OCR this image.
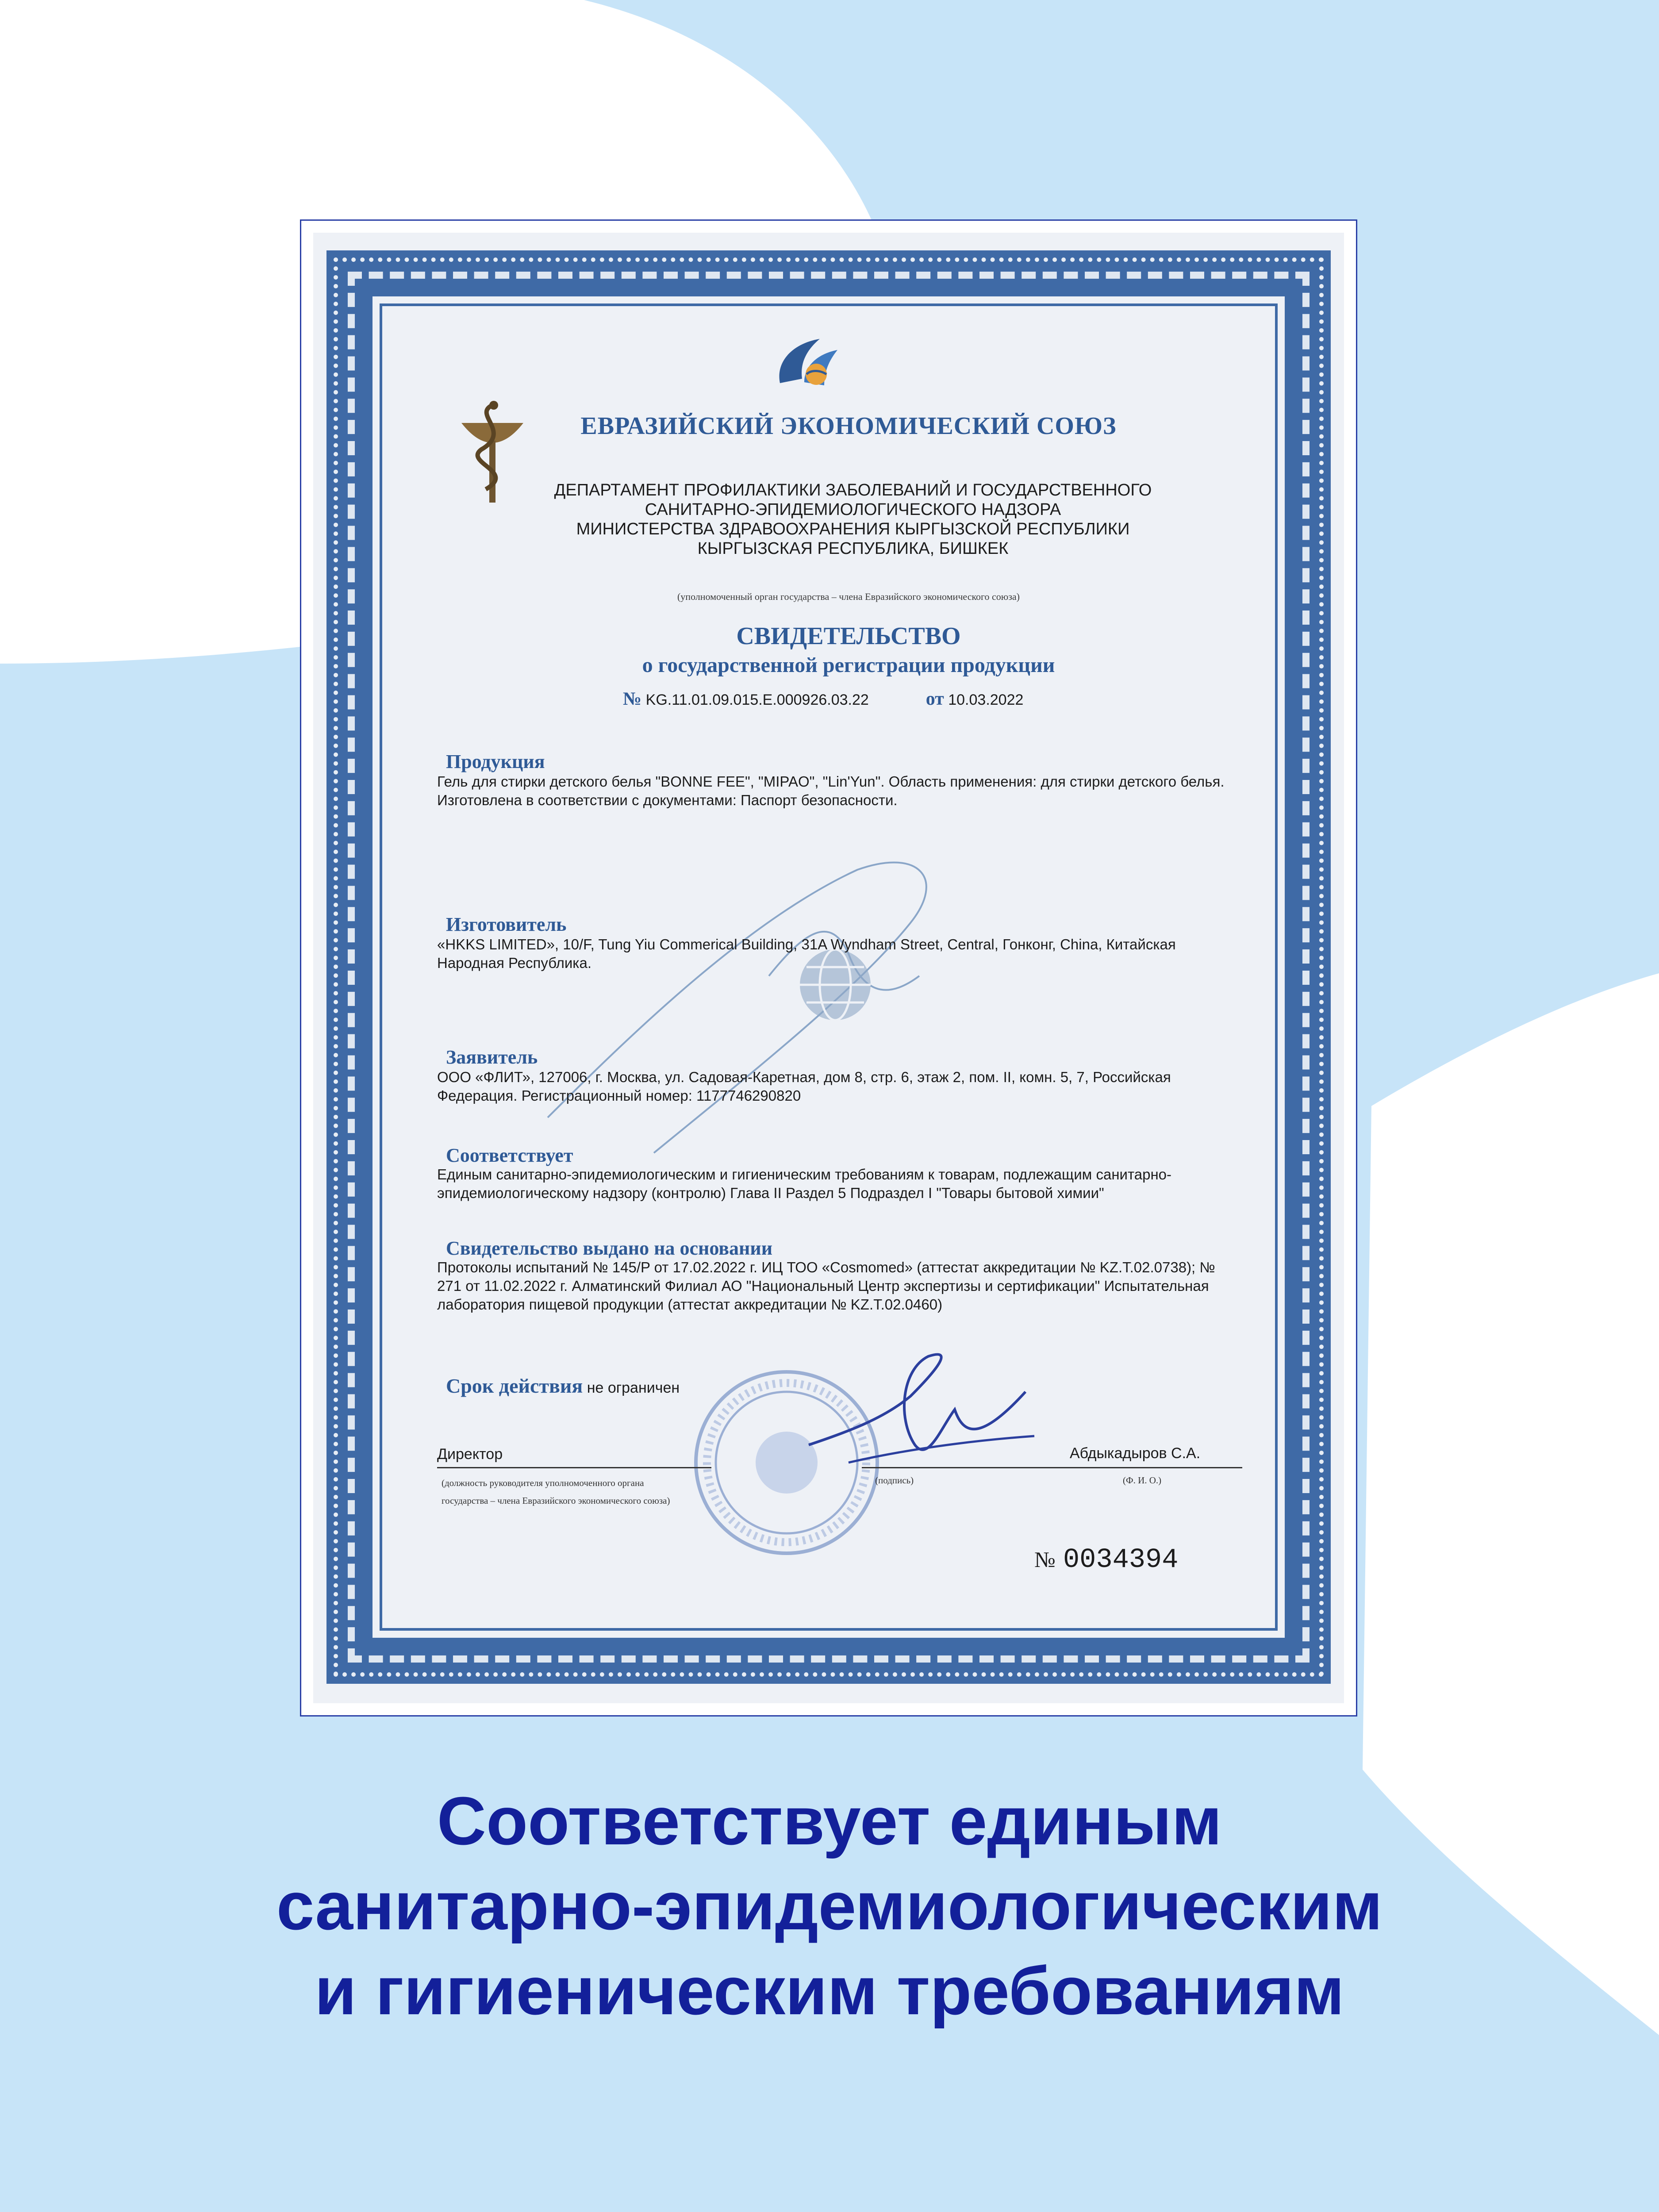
ЕВРАЗИЙСКИЙ ЭКОНОМИЧЕСКИЙ СОЮЗ
ДЕПАРТАМЕНТ ПРОФИЛАКТИКИ ЗАБОЛЕВАНИЙ И ГОСУДАРСТВЕННОГО
САНИТАРНО-ЭПИДЕМИОЛОГИЧЕСКОГО НАДЗОРА
МИНИСТЕРСТВА ЗДРАВООХРАНЕНИЯ КЫРГЫЗСКОЙ РЕСПУБЛИКИ
КЫРГЫЗСКАЯ РЕСПУБЛИКА, БИШКЕК
(уполномоченный орган государства – члена Евразийского экономического союза)
СВИДЕТЕЛЬСТВО
о государственной регистрации продукции
№ KG.11.01.09.015.E.000926.03.22	от 10.03.2022
Продукция
Гель для стирки детского белья "BONNE FEE", "MIPAO", "Lin'Yun". Область применения: для стирки детского белья. Изготовлена в соответствии с документами: Паспорт безопасности.
Изготовитель
«HKKS LIMITED», 10/F, Tung Yiu Commerical Building, 31A Wyndham Street, Central, Гонконг, China, Китайская Народная Республика.
Заявитель
ООО «ФЛИТ», 127006, г. Москва, ул. Садовая-Каретная, дом 8, стр. 6, этаж 2, пом. II, комн. 5, 7, Российская Федерация. Регистрационный номер: 1177746290820
Соответствует
Единым санитарно-эпидемиологическим и гигиеническим требованиям к товарам, подлежащим санитарно-эпидемиологическому надзору (контролю) Глава II Раздел 5 Подраздел I "Товары бытовой химии"
Свидетельство выдано на основании
Протоколы испытаний № 145/P от 17.02.2022 г. ИЦ ТОО «Cosmomed» (аттестат аккредитации № KZ.T.02.0738); № 271 от 11.02.2022 г. Алматинский Филиал АО "Национальный Центр экспертизы и сертификации" Испытательная лаборатория пищевой продукции (аттестат аккредитации № KZ.T.02.0460)
Срок действия не ограничен
Директор
(должность руководителя уполномоченного органа государства – члена Евразийского экономического союза)
(подпись)
Абдыкадыров С.А.
(Ф. И. О.)
№ 0034394
Соответствует единым
санитарно-эпидемиологическим
и гигиеническим требованиям
